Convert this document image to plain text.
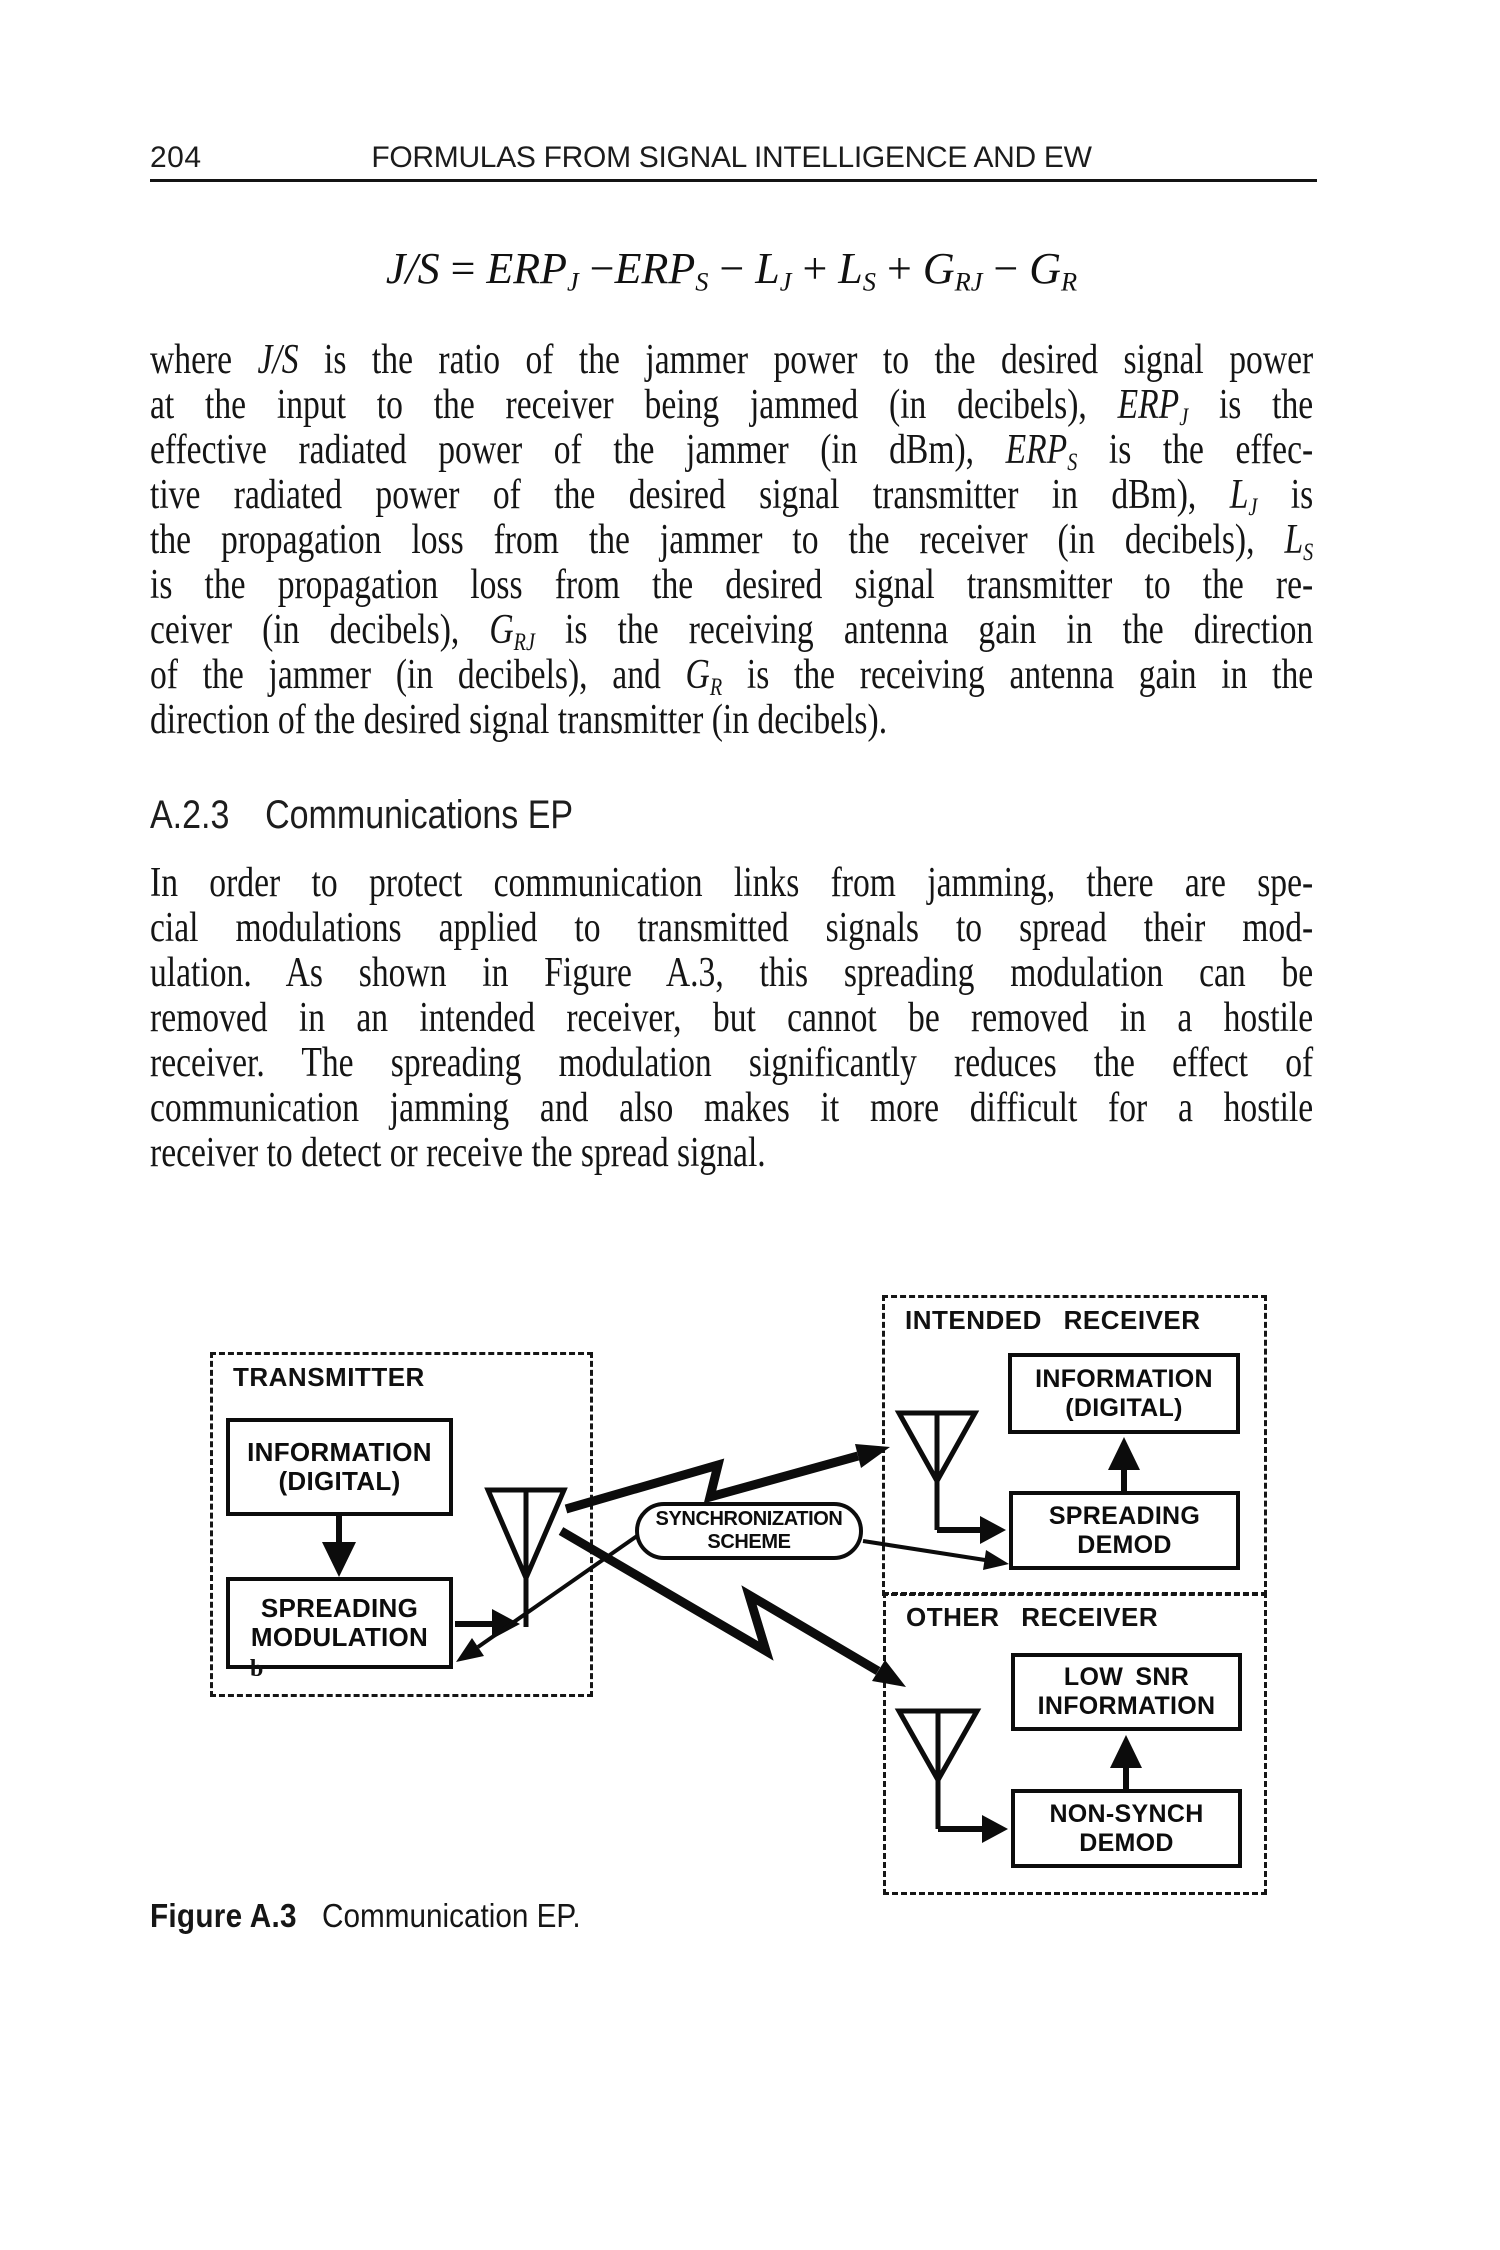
204	FORMULAS FROM SIGNAL INTELLIGENCE AND EW
$J/S = ERP_J -ERP_S - L_J + L_S + G_{RJ} - G_R$
where J/S is the ratio of the jammer power to the desired signal power
at the input to the receiver being jammed (in decibels), $ERP_J$ is the
effective radiated power of the jammer (in dBm), $ERP_S$ is the effec-
tive radiated power of the desired signal transmitter in dBm), $L_J$ is
the propagation loss from the jammer to the receiver (in decibels), $L_S$
is the propagation loss from the desired signal transmitter to the re-
ceiver (in decibels), $G_{RJ}$ is the receiving antenna gain in the direction
of the jammer (in decibels), and $G_R$ is the receiving antenna gain in the
direction of the desired signal transmitter (in decibels).
A.2.3 Communications EP
In order to protect communication links from jamming, there are spe-
cial modulations applied to transmitted signals to spread their mod-
ulation. As shown in Figure A.3, this spreading modulation can be
removed in an intended receiver, but cannot be removed in a hostile
receiver. The spreading modulation significantly reduces the effect of
communication jamming and also makes it more difficult for a hostile
receiver to detect or receive the spread signal.
TRANSMITTER
INTENDED RECEIVER
OTHER RECEIVER
INFORMATION
(DIGITAL)
SPREADING
MODULATION
INFORMATION
(DIGITAL)
SPREADING
DEMOD
LOW SNR
INFORMATION
NON-SYNCH
DEMOD
SYNCHRONIZATION
SCHEME
b
Figure A.3 Communication EP.
